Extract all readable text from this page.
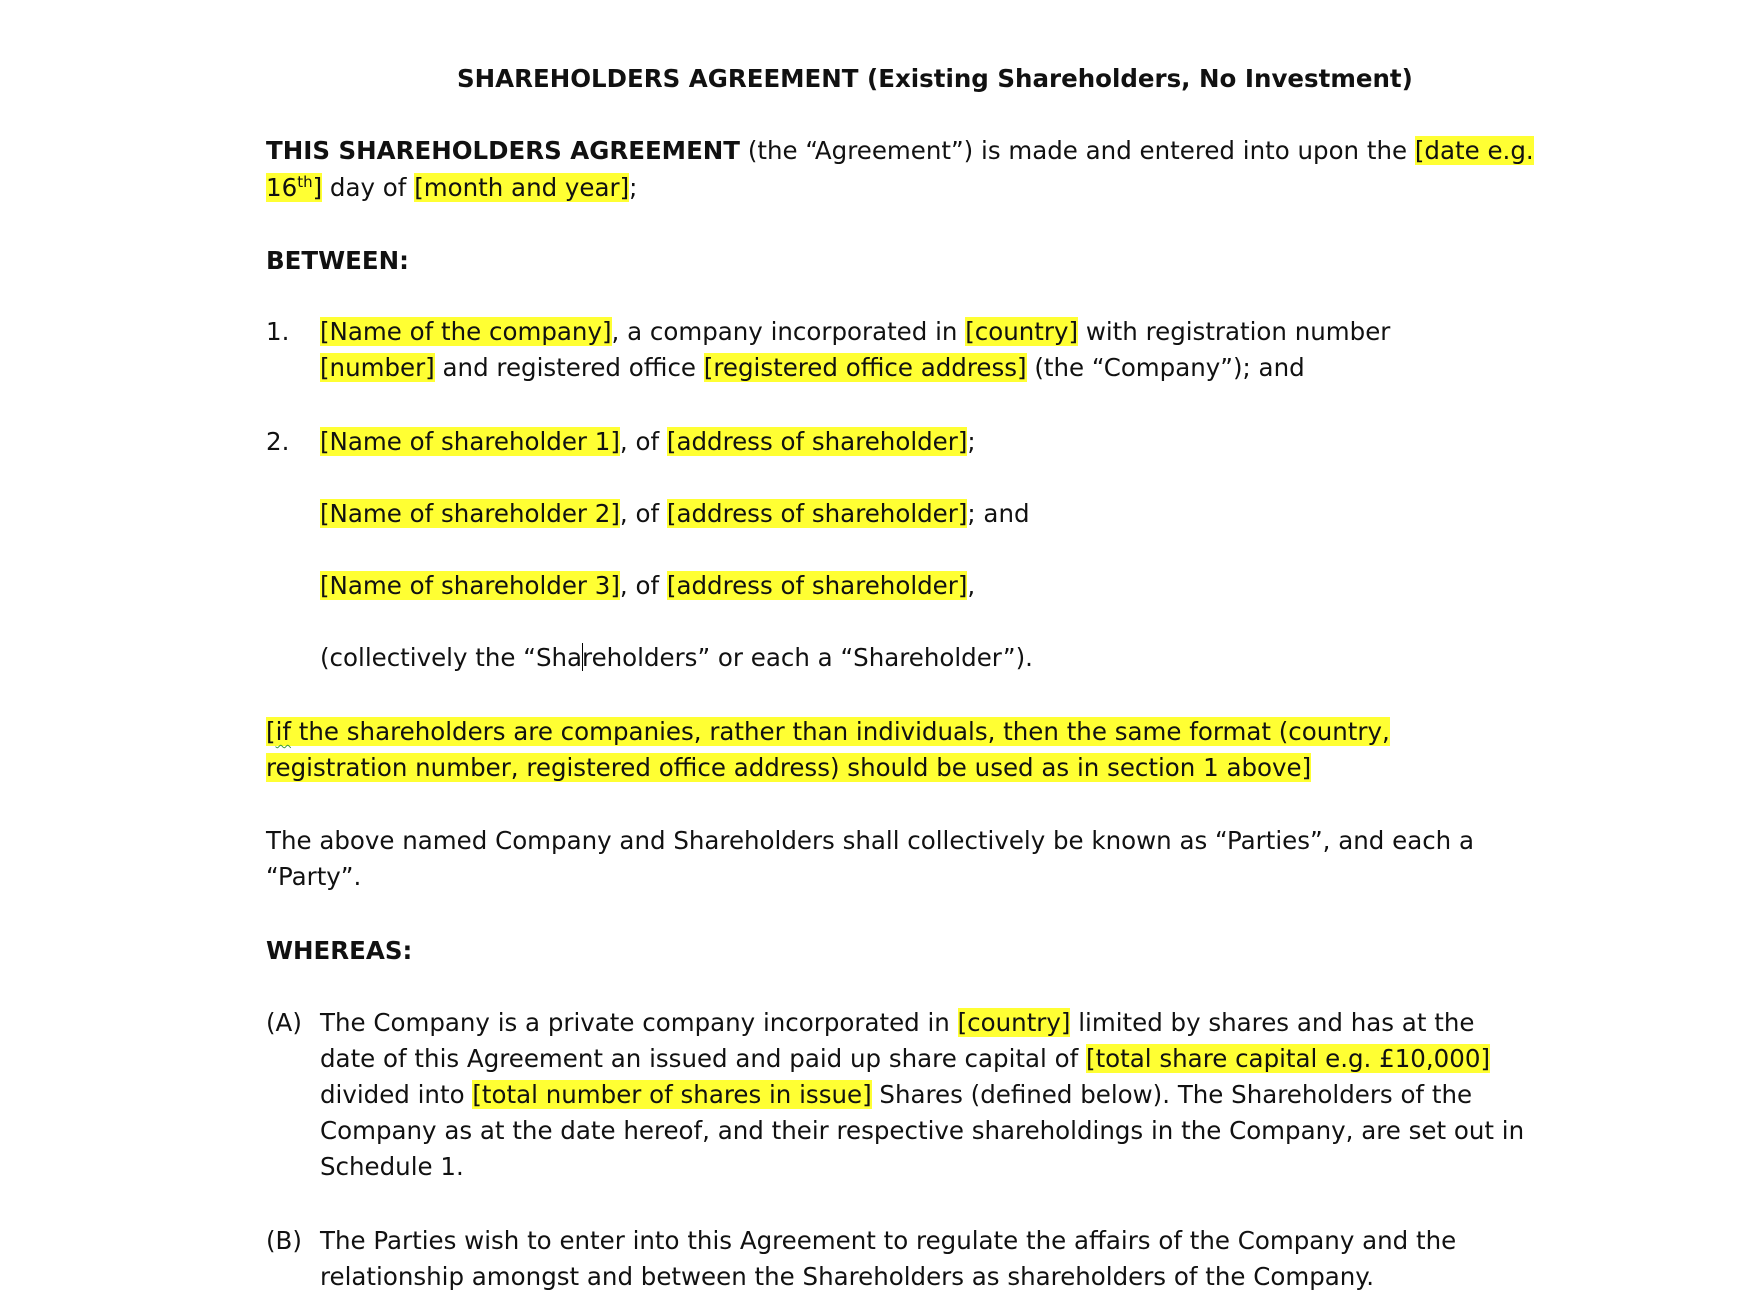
SHAREHOLDERS AGREEMENT (Existing Shareholders, No Investment)
THIS SHAREHOLDERS AGREEMENT (the “Agreement”) is made and entered into upon the [date e.g.
16th] day of [month and year];
BETWEEN:
1. [Name of the company], a company incorporated in [country] with registration number
[number] and registered office [registered office address] (the “Company”); and
2. [Name of shareholder 1], of [address of shareholder];
[Name of shareholder 2], of [address of shareholder]; and
[Name of shareholder 3], of [address of shareholder],
(collectively the “Shareholders” or each a “Shareholder”).
[if the shareholders are companies, rather than individuals, then the same format (country,
registration number, registered office address) should be used as in section 1 above]
The above named Company and Shareholders shall collectively be known as “Parties”, and each a
“Party”.
WHEREAS:
(A) The Company is a private company incorporated in [country] limited by shares and has at the
date of this Agreement an issued and paid up share capital of [total share capital e.g. £10,000]
divided into [total number of shares in issue] Shares (defined below). The Shareholders of the
Company as at the date hereof, and their respective shareholdings in the Company, are set out in
Schedule 1.
(B) The Parties wish to enter into this Agreement to regulate the affairs of the Company and the
relationship amongst and between the Shareholders as shareholders of the Company.
